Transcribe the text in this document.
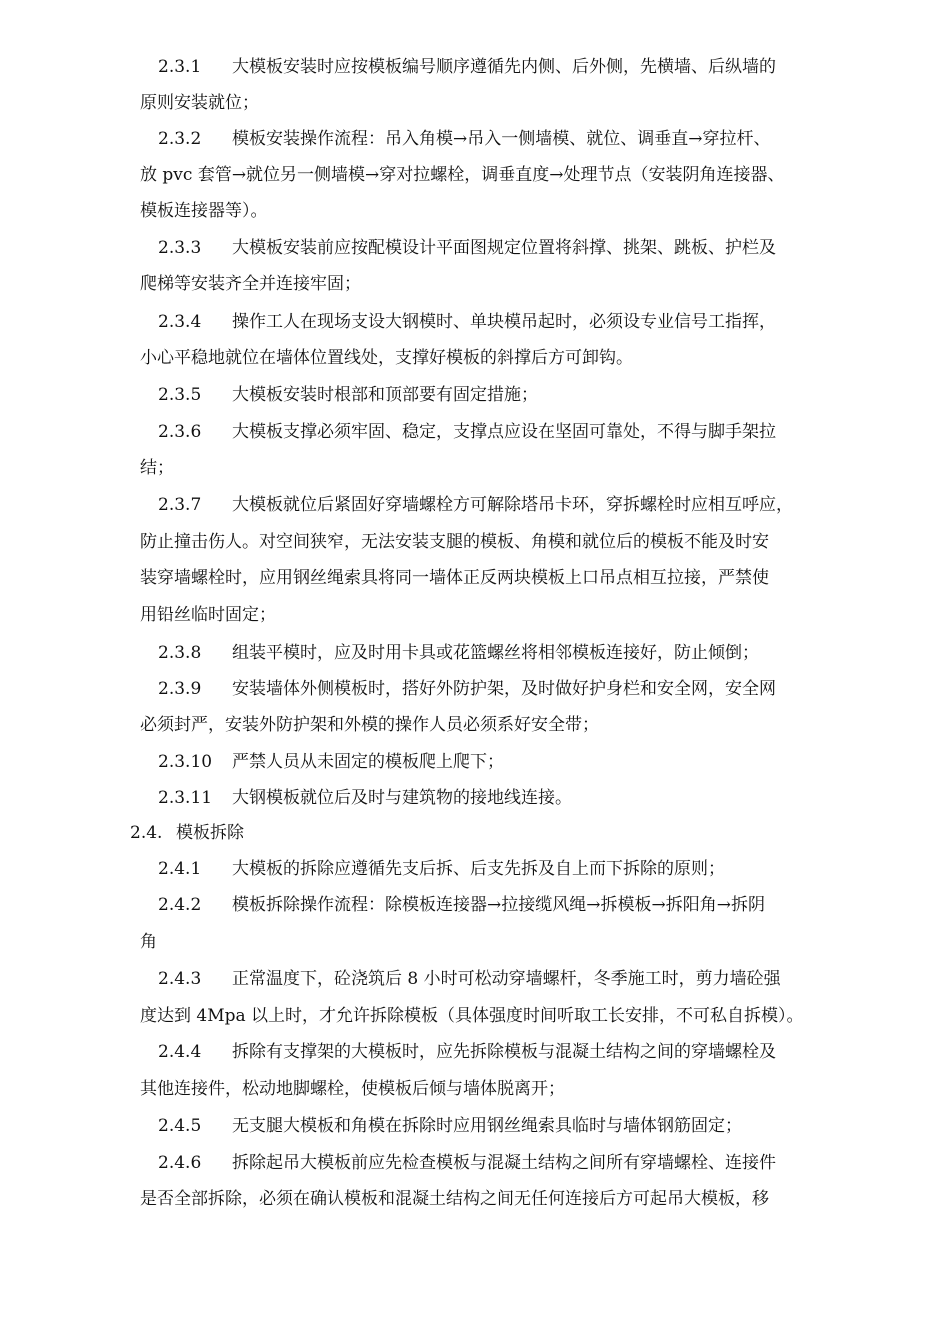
2.3.1 大模板安装时应按模板编号顺序遵循先内侧、后外侧，先横墙、后纵墙的
原则安装就位；
2.3.2 模板安装操作流程：吊入角模→吊入一侧墙模、就位、调垂直→穿拉杆、
放 pvc 套管→就位另一侧墙模→穿对拉螺栓，调垂直度→处理节点（安装阴角连接器、
模板连接器等）。
2.3.3 大模板安装前应按配模设计平面图规定位置将斜撑、挑架、跳板、护栏及
爬梯等安装齐全并连接牢固；
2.3.4 操作工人在现场支设大钢模时、单块模吊起时，必须设专业信号工指挥，
小心平稳地就位在墙体位置线处，支撑好模板的斜撑后方可卸钩。
2.3.5 大模板安装时根部和顶部要有固定措施；
2.3.6 大模板支撑必须牢固、稳定，支撑点应设在坚固可靠处，不得与脚手架拉
结；
2.3.7 大模板就位后紧固好穿墙螺栓方可解除塔吊卡环，穿拆螺栓时应相互呼应，
防止撞击伤人。对空间狭窄，无法安装支腿的模板、角模和就位后的模板不能及时安
装穿墙螺栓时，应用钢丝绳索具将同一墙体正反两块模板上口吊点相互拉接，严禁使
用铅丝临时固定；
2.3.8 组装平模时，应及时用卡具或花篮螺丝将相邻模板连接好，防止倾倒；
2.3.9 安装墙体外侧模板时，搭好外防护架，及时做好护身栏和安全网，安全网
必须封严，安装外防护架和外模的操作人员必须系好安全带；
2.3.10 严禁人员从未固定的模板爬上爬下；
2.3.11 大钢模板就位后及时与建筑物的接地线连接。
2.4. 模板拆除
2.4.1 大模板的拆除应遵循先支后拆、后支先拆及自上而下拆除的原则；
2.4.2 模板拆除操作流程：除模板连接器→拉接缆风绳→拆模板→拆阳角→拆阴
角
2.4.3 正常温度下，砼浇筑后 8 小时可松动穿墙螺杆，冬季施工时，剪力墙砼强
度达到 4Mpa 以上时，才允许拆除模板（具体强度时间听取工长安排，不可私自拆模）。
2.4.4 拆除有支撑架的大模板时，应先拆除模板与混凝土结构之间的穿墙螺栓及
其他连接件，松动地脚螺栓，使模板后倾与墙体脱离开；
2.4.5 无支腿大模板和角模在拆除时应用钢丝绳索具临时与墙体钢筋固定；
2.4.6 拆除起吊大模板前应先检查模板与混凝土结构之间所有穿墙螺栓、连接件
是否全部拆除，必须在确认模板和混凝土结构之间无任何连接后方可起吊大模板，移
